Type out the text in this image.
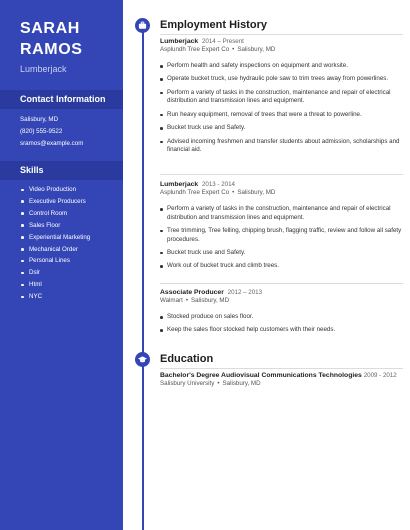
SARAH
RAMOS
Lumberjack
Contact Information
Salisbury, MD
(820) 555-9522
sramos@example.com
Skills
Video Production
Executive Producers
Control Room
Sales Floor
Experiential Marketing
Mechanical Order
Personal Lines
Dslr
Html
NYC
Employment History
Lumberjack 2014 – Present
Asplundh Tree Expert Co • Salisbury, MD
Perform health and safety inspections on equipment and worksite.
Operate bucket truck, use hydraulic pole saw to trim trees away from powerlines.
Perform a variety of tasks in the construction, maintenance and repair of electrical distribution and transmission lines and equipment.
Run heavy equipment, removal of trees that were a threat to powerline.
Bucket truck use and Safety.
Advised incoming freshmen and transfer students about admission, scholarships and financial aid.
Lumberjack 2013 - 2014
Asplundh Tree Expert Co • Salisbury, MD
Perform a variety of tasks in the construction, maintenance and repair of electrical distribution and transmission lines and equipment.
Tree trimming, Tree felling, chipping brush, flagging traffic, review and follow all safety procedures.
Bucket truck use and Safety.
Work out of bucket truck and climb trees.
Associate Producer 2012 – 2013
Walmart • Salisbury, MD
Stocked produce on sales floor.
Keep the sales floor stocked help customers with their needs.
Education
Bachelor's Degree Audiovisual Communications Technologies 2009 - 2012
Salisbury University • Salisbury, MD
